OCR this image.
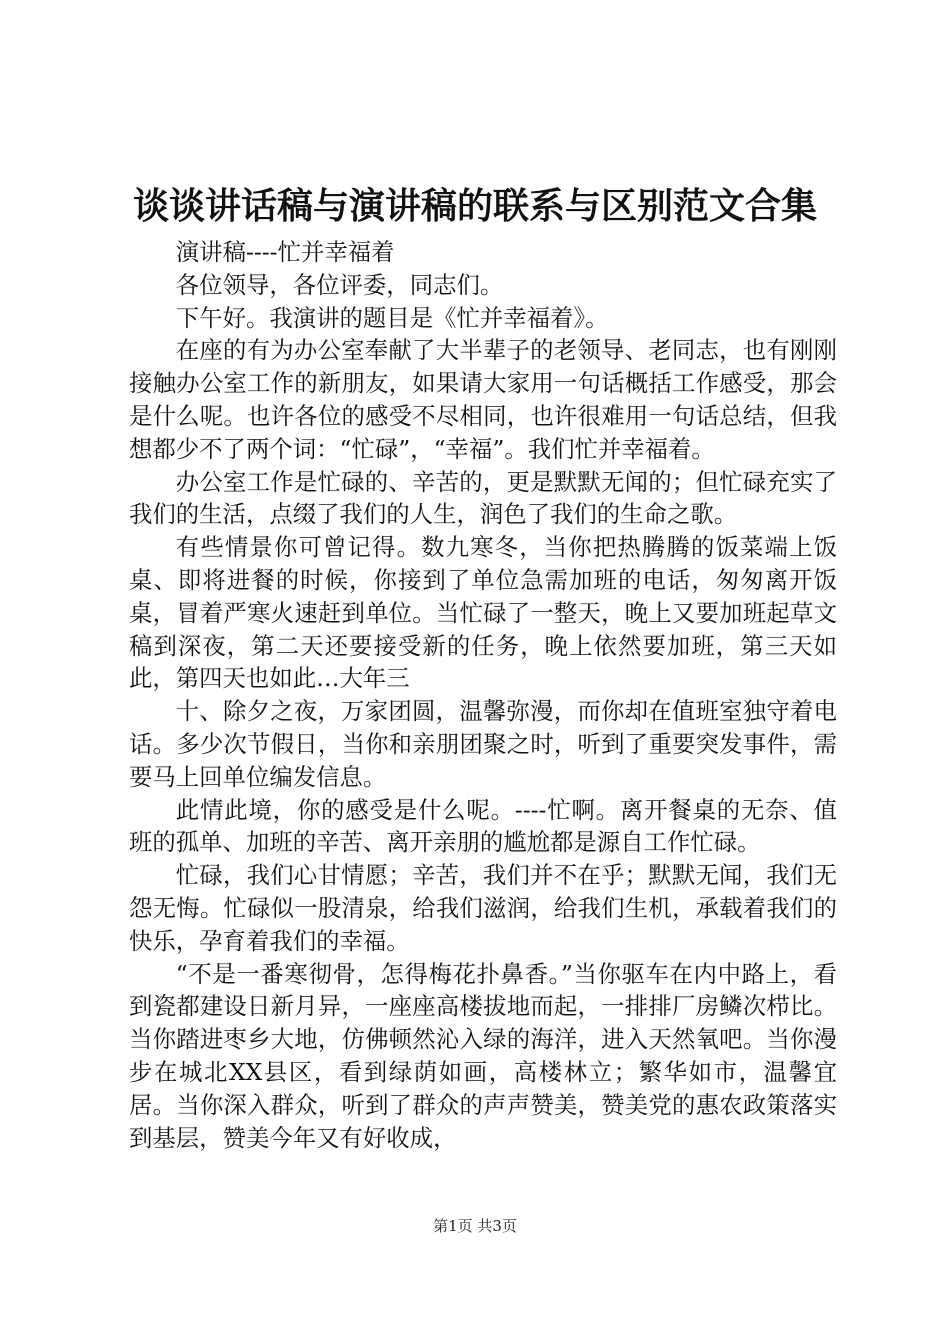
谈谈讲话稿与演讲稿的联系与区别范文合集

演讲稿----忙并幸福着

各位领导，各位评委，同志们。

下午好。我演讲的题目是《忙并幸福着》。

在座的有为办公室奉献了大半辈子的老领导、老同志，也有刚刚接触办公室工作的新朋友，如果请大家用一句话概括工作感受，那会是什么呢。也许各位的感受不尽相同，也许很难用一句话总结，但我想都少不了两个词：“忙碌”，“幸福”。我们忙并幸福着。

办公室工作是忙碌的、辛苦的，更是默默无闻的；但忙碌充实了我们的生活，点缀了我们的人生，润色了我们的生命之歌。

有些情景你可曾记得。数九寒冬，当你把热腾腾的饭菜端上饭桌、即将进餐的时候，你接到了单位急需加班的电话，匆匆离开饭桌，冒着严寒火速赶到单位。当忙碌了一整天，晚上又要加班起草文稿到深夜，第二天还要接受新的任务，晚上依然要加班，第三天如此，第四天也如此…大年三

十、除夕之夜，万家团圆，温馨弥漫，而你却在值班室独守着电话。多少次节假日，当你和亲朋团聚之时，听到了重要突发事件，需要马上回单位编发信息。

此情此境，你的感受是什么呢。----忙啊。离开餐桌的无奈、值班的孤单、加班的辛苦、离开亲朋的尴尬都是源自工作忙碌。

忙碌，我们心甘情愿；辛苦，我们并不在乎；默默无闻，我们无怨无悔。忙碌似一股清泉，给我们滋润，给我们生机，承载着我们的快乐，孕育着我们的幸福。

“不是一番寒彻骨，怎得梅花扑鼻香。”当你驱车在内中路上，看到瓷都建设日新月异，一座座高楼拔地而起，一排排厂房鳞次栉比。当你踏进枣乡大地，仿佛顿然沁入绿的海洋，进入天然氧吧。当你漫步在城北XX县区，看到绿荫如画，高楼林立；繁华如市，温馨宜居。当你深入群众，听到了群众的声声赞美，赞美党的惠农政策落实到基层，赞美今年又有好收成，

第1页 共3页
